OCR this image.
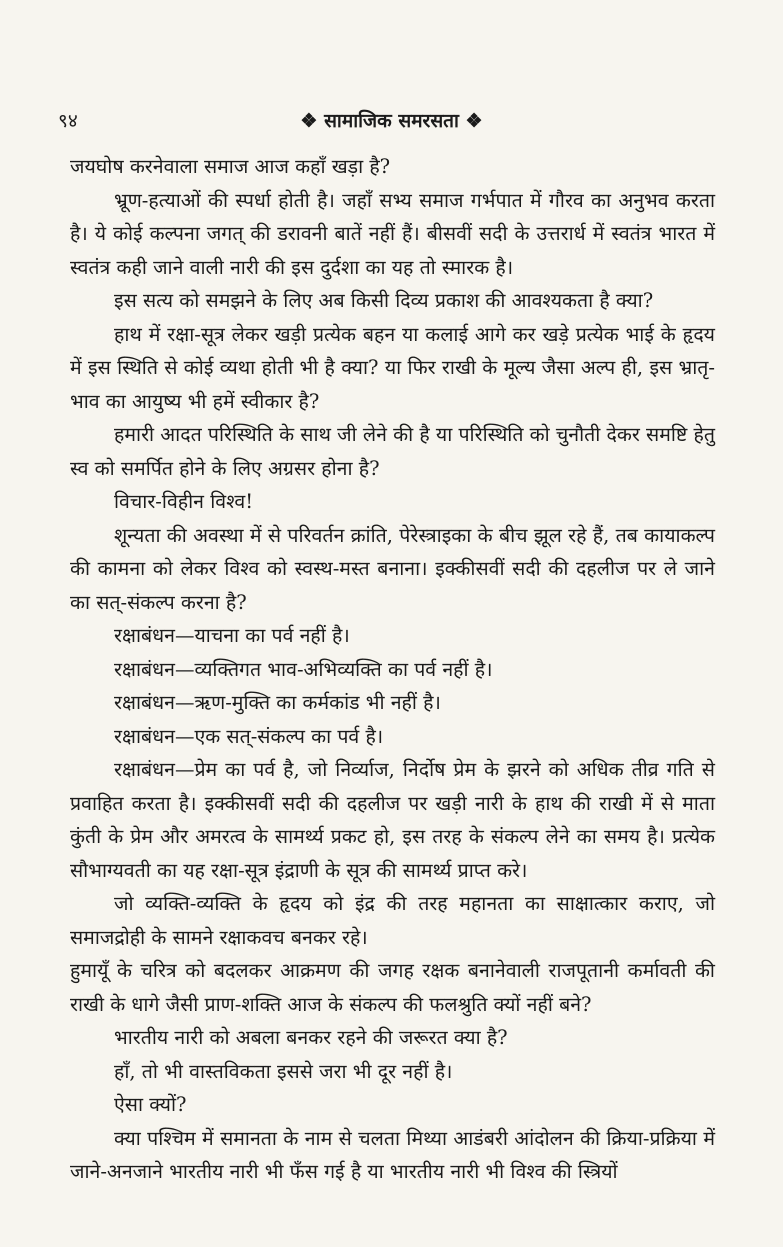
९४	❖ सामाजिक समरसता ❖

जयघोष करनेवाला समाज आज कहाँ खड़ा है?

भ्रूण-हत्याओं की स्पर्धा होती है। जहाँ सभ्य समाज गर्भपात में गौरव का अनुभव करता है। ये कोई कल्पना जगत् की डरावनी बातें नहीं हैं। बीसवीं सदी के उत्तरार्ध में स्वतंत्र भारत में स्वतंत्र कही जाने वाली नारी की इस दुर्दशा का यह तो स्मारक है।

इस सत्य को समझने के लिए अब किसी दिव्य प्रकाश की आवश्यकता है क्या?

हाथ में रक्षा-सूत्र लेकर खड़ी प्रत्येक बहन या कलाई आगे कर खड़े प्रत्येक भाई के हृदय में इस स्थिति से कोई व्यथा होती भी है क्या? या फिर राखी के मूल्य जैसा अल्प ही, इस भ्रातृ-भाव का आयुष्य भी हमें स्वीकार है?

हमारी आदत परिस्थिति के साथ जी लेने की है या परिस्थिति को चुनौती देकर समष्टि हेतु स्व को समर्पित होने के लिए अग्रसर होना है?

विचार-विहीन विश्व!

शून्यता की अवस्था में से परिवर्तन क्रांति, पेरेस्त्राइका के बीच झूल रहे हैं, तब कायाकल्प की कामना को लेकर विश्व को स्वस्थ-मस्त बनाना। इक्कीसवीं सदी की दहलीज पर ले जाने का सत्-संकल्प करना है?

रक्षाबंधन—याचना का पर्व नहीं है।

रक्षाबंधन—व्यक्तिगत भाव-अभिव्यक्ति का पर्व नहीं है।

रक्षाबंधन—ऋण-मुक्ति का कर्मकांड भी नहीं है।

रक्षाबंधन—एक सत्-संकल्प का पर्व है।

रक्षाबंधन—प्रेम का पर्व है, जो निर्व्याज, निर्दोष प्रेम के झरने को अधिक तीव्र गति से प्रवाहित करता है। इक्कीसवीं सदी की दहलीज पर खड़ी नारी के हाथ की राखी में से माता कुंती के प्रेम और अमरत्व के सामर्थ्य प्रकट हो, इस तरह के संकल्प लेने का समय है। प्रत्येक सौभाग्यवती का यह रक्षा-सूत्र इंद्राणी के सूत्र की सामर्थ्य प्राप्त करे।

जो व्यक्ति-व्यक्ति के हृदय को इंद्र की तरह महानता का साक्षात्कार कराए, जो समाजद्रोही के सामने रक्षाकवच बनकर रहे।

हुमायूँ के चरित्र को बदलकर आक्रमण की जगह रक्षक बनानेवाली राजपूतानी कर्मावती की राखी के धागे जैसी प्राण-शक्ति आज के संकल्प की फलश्रुति क्यों नहीं बने?

भारतीय नारी को अबला बनकर रहने की जरूरत क्या है?

हाँ, तो भी वास्तविकता इससे जरा भी दूर नहीं है।

ऐसा क्यों?

क्या पश्चिम में समानता के नाम से चलता मिथ्या आडंबरी आंदोलन की क्रिया-प्रक्रिया में जाने-अनजाने भारतीय नारी भी फँस गई है या भारतीय नारी भी विश्व की स्त्रियों
